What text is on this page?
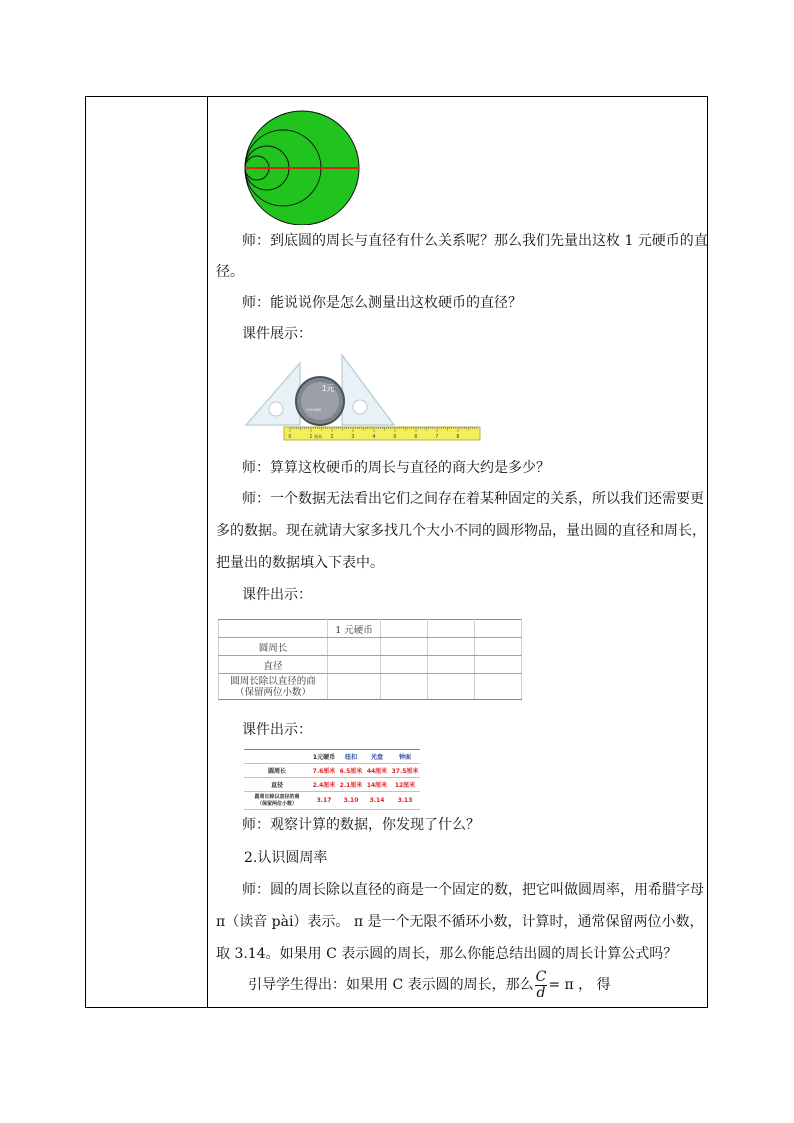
师：到底圆的周长与直径有什么关系呢？那么我们先量出这枚 1 元硬币的直
径。
师：能说说你是怎么测量出这枚硬币的直径？
课件展示：
1元
YIYUAN
0	1	2	3	4	5	6	7	8
厘米
师：算算这枚硬币的周长与直径的商大约是多少？
师：一个数据无法看出它们之间存在着某种固定的关系，所以我们还需要更
多的数据。现在就请大家多找几个大小不同的圆形物品，量出圆的直径和周长，
把量出的数据填入下表中。
课件出示：
	1 元硬币			
圆周长				
直径				
圆周长除以直径的商
（保留两位小数）				
课件出示：
	1元硬币	纽扣	光盘	钟面
圆周长	7.6厘米	6.5厘米	44厘米	37.5厘米
直径	2.4厘米	2.1厘米	14厘米	12厘米
圆周长除以直径的商
（保留两位小数）	3.17	3.10	3.14	3.13
师：观察计算的数据，你发现了什么？
2.认识圆周率
师：圆的周长除以直径的商是一个固定的数，把它叫做圆周率，用希腊字母
π（读音 pài）表示。 π 是一个无限不循环小数，计算时，通常保留两位小数，
取 3.14。如果用 C 表示圆的周长，那么你能总结出圆的周长计算公式吗？
引导学生得出：如果用 C 表示圆的周长，那么 $\frac{C}{d} = \pi$ ， 得
